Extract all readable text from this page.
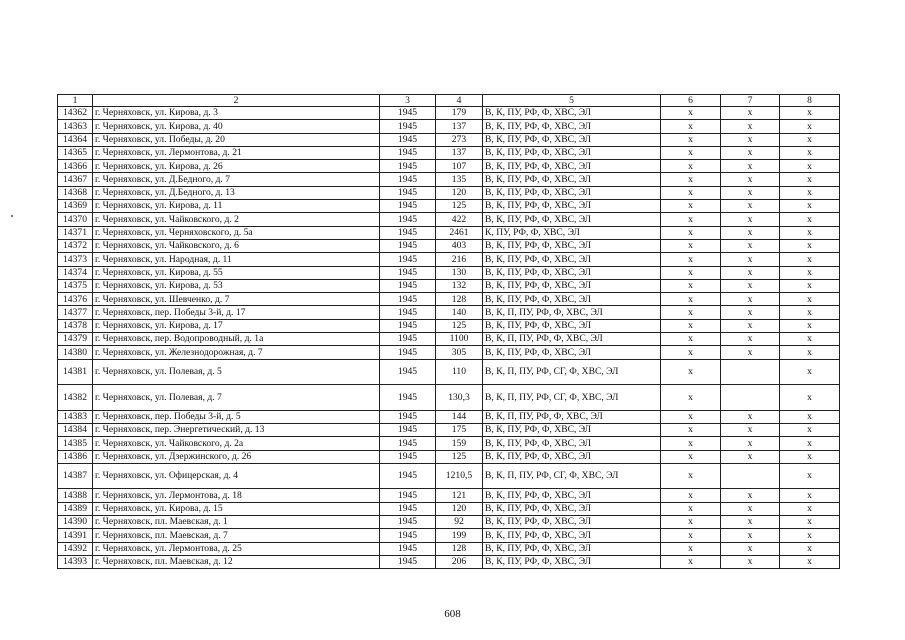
1	2	3	4	5	6	7	8
14362	г. Черняховск, ул. Кирова, д. 3	1945	179	В, К, ПУ, РФ, Ф, ХВС, ЭЛ	х	х	х
14363	г. Черняховск, ул. Кирова, д. 40	1945	137	В, К, ПУ, РФ, Ф, ХВС, ЭЛ	х	х	х
14364	г. Черняховск, ул. Победы, д. 20	1945	273	В, К, ПУ, РФ, Ф, ХВС, ЭЛ	х	х	х
14365	г. Черняховск, ул. Лермонтова, д. 21	1945	137	В, К, ПУ, РФ, Ф, ХВС, ЭЛ	х	х	х
14366	г. Черняховск, ул. Кирова, д. 26	1945	107	В, К, ПУ, РФ, Ф, ХВС, ЭЛ	х	х	х
14367	г. Черняховск, ул. Д.Бедного, д. 7	1945	135	В, К, ПУ, РФ, Ф, ХВС, ЭЛ	х	х	х
14368	г. Черняховск, ул. Д.Бедного, д. 13	1945	120	В, К, ПУ, РФ, Ф, ХВС, ЭЛ	х	х	х
14369	г. Черняховск, ул. Кирова, д. 11	1945	125	В, К, ПУ, РФ, Ф, ХВС, ЭЛ	х	х	х
14370	г. Черняховск, ул. Чайковского, д. 2	1945	422	В, К, ПУ, РФ, Ф, ХВС, ЭЛ	х	х	х
14371	г. Черняховск, ул. Черняховского, д. 5а	1945	2461	К, ПУ, РФ, Ф, ХВС, ЭЛ	х	х	х
14372	г. Черняховск, ул. Чайковского, д. 6	1945	403	В, К, ПУ, РФ, Ф, ХВС, ЭЛ	х	х	х
14373	г. Черняховск, ул. Народная, д. 11	1945	216	В, К, ПУ, РФ, Ф, ХВС, ЭЛ	х	х	х
14374	г. Черняховск, ул. Кирова, д. 55	1945	130	В, К, ПУ, РФ, Ф, ХВС, ЭЛ	х	х	х
14375	г. Черняховск, ул. Кирова, д. 53	1945	132	В, К, ПУ, РФ, Ф, ХВС, ЭЛ	х	х	х
14376	г. Черняховск, ул. Шевченко, д. 7	1945	128	В, К, ПУ, РФ, Ф, ХВС, ЭЛ	х	х	х
14377	г. Черняховск, пер. Победы 3-й, д. 17	1945	140	В, К, П, ПУ, РФ, Ф, ХВС, ЭЛ	х	х	х
14378	г. Черняховск, ул. Кирова, д. 17	1945	125	В, К, ПУ, РФ, Ф, ХВС, ЭЛ	х	х	х
14379	г. Черняховск, пер. Водопроводный, д. 1а	1945	1100	В, К, П, ПУ, РФ, Ф, ХВС, ЭЛ	х	х	х
14380	г. Черняховск, ул. Железнодорожная, д. 7	1945	305	В, К, ПУ, РФ, Ф, ХВС, ЭЛ	х	х	х
14381	г. Черняховск, ул. Полевая, д. 5	1945	110	В, К, П, ПУ, РФ, СГ, Ф, ХВС, ЭЛ	х		х
14382	г. Черняховск, ул. Полевая, д. 7	1945	130,3	В, К, П, ПУ, РФ, СГ, Ф, ХВС, ЭЛ	х		х
14383	г. Черняховск, пер. Победы 3-й, д. 5	1945	144	В, К, П, ПУ, РФ, Ф, ХВС, ЭЛ	х	х	х
14384	г. Черняховск, пер. Энергетический, д. 13	1945	175	В, К, ПУ, РФ, Ф, ХВС, ЭЛ	х	х	х
14385	г. Черняховск, ул. Чайковского, д. 2а	1945	159	В, К, ПУ, РФ, Ф, ХВС, ЭЛ	х	х	х
14386	г. Черняховск, ул. Дзержинского, д. 26	1945	125	В, К, ПУ, РФ, Ф, ХВС, ЭЛ	х	х	х
14387	г. Черняховск, ул. Офицерская, д. 4	1945	1210,5	В, К, П, ПУ, РФ, СГ, Ф, ХВС, ЭЛ	х		х
14388	г. Черняховск, ул. Лермонтова, д. 18	1945	121	В, К, ПУ, РФ, Ф, ХВС, ЭЛ	х	х	х
14389	г. Черняховск, ул. Кирова, д. 15	1945	120	В, К, ПУ, РФ, Ф, ХВС, ЭЛ	х	х	х
14390	г. Черняховск, пл. Маевская, д. 1	1945	92	В, К, ПУ, РФ, Ф, ХВС, ЭЛ	х	х	х
14391	г. Черняховск, пл. Маевская, д. 7	1945	199	В, К, ПУ, РФ, Ф, ХВС, ЭЛ	х	х	х
14392	г. Черняховск, ул. Лермонтова, д. 25	1945	128	В, К, ПУ, РФ, Ф, ХВС, ЭЛ	х	х	х
14393	г. Черняховск, пл. Маевская, д. 12	1945	206	В, К, ПУ, РФ, Ф, ХВС, ЭЛ	х	х	х
608
